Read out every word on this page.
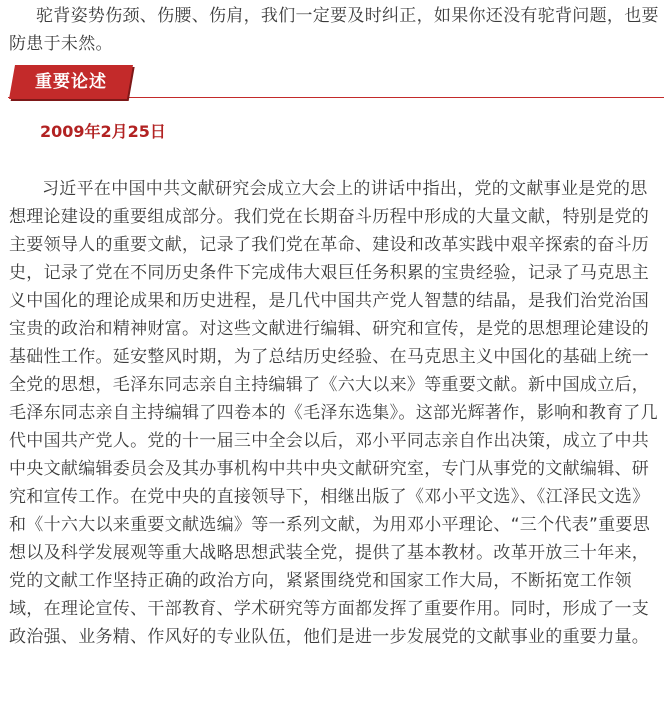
驼背姿势伤颈、伤腰、伤肩，我们一定要及时纠正，如果你还没有驼背问题，也要防患于未然。

重要论述

2009年2月25日

习近平在中国中共文献研究会成立大会上的讲话中指出，党的文献事业是党的思想理论建设的重要组成部分。我们党在长期奋斗历程中形成的大量文献，特别是党的主要领导人的重要文献，记录了我们党在革命、建设和改革实践中艰辛探索的奋斗历史，记录了党在不同历史条件下完成伟大艰巨任务积累的宝贵经验，记录了马克思主义中国化的理论成果和历史进程，是几代中国共产党人智慧的结晶，是我们治党治国宝贵的政治和精神财富。对这些文献进行编辑、研究和宣传，是党的思想理论建设的基础性工作。延安整风时期，为了总结历史经验、在马克思主义中国化的基础上统一全党的思想，毛泽东同志亲自主持编辑了《六大以来》等重要文献。新中国成立后，毛泽东同志亲自主持编辑了四卷本的《毛泽东选集》。这部光辉著作，影响和教育了几代中国共产党人。党的十一届三中全会以后，邓小平同志亲自作出决策，成立了中共中央文献编辑委员会及其办事机构中共中央文献研究室，专门从事党的文献编辑、研究和宣传工作。在党中央的直接领导下，相继出版了《邓小平文选》、《江泽民文选》和《十六大以来重要文献选编》等一系列文献，为用邓小平理论、“三个代表”重要思想以及科学发展观等重大战略思想武装全党，提供了基本教材。改革开放三十年来，党的文献工作坚持正确的政治方向，紧紧围绕党和国家工作大局，不断拓宽工作领域，在理论宣传、干部教育、学术研究等方面都发挥了重要作用。同时，形成了一支政治强、业务精、作风好的专业队伍，他们是进一步发展党的文献事业的重要力量。
